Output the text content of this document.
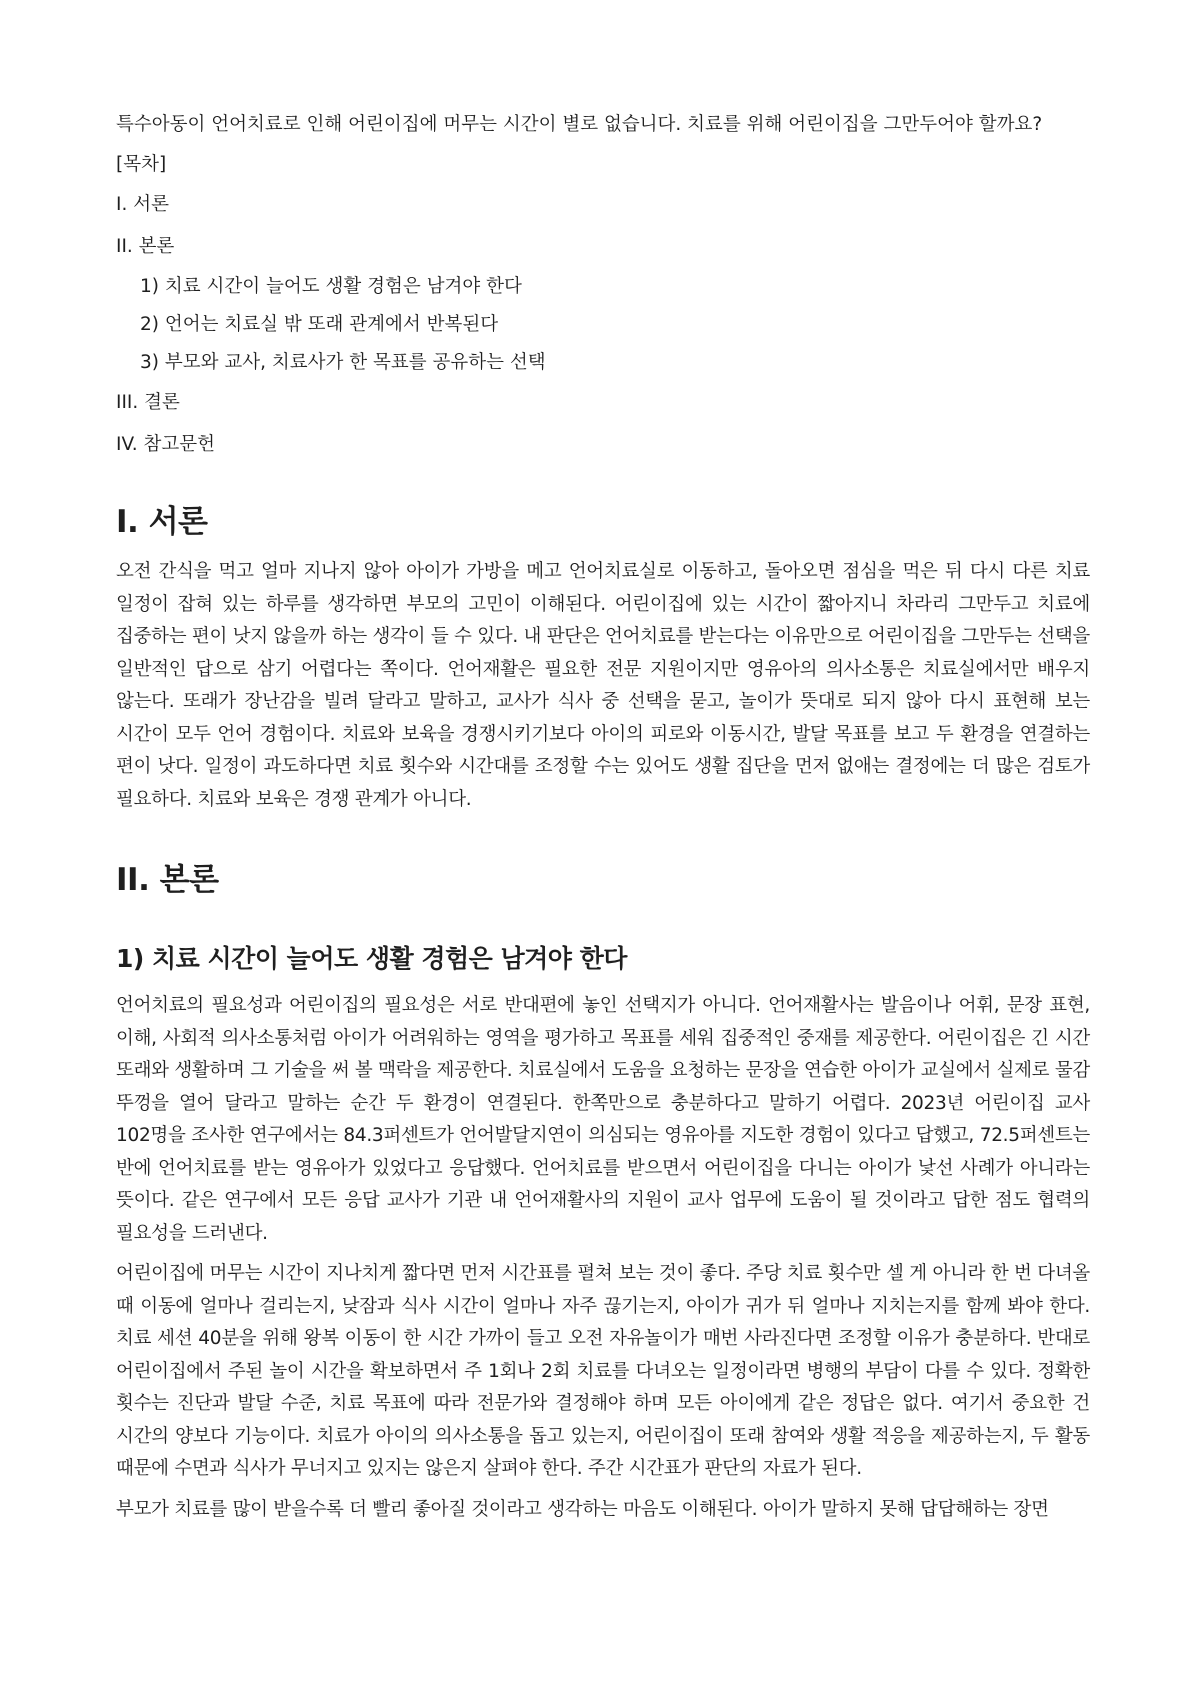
특수아동이 언어치료로 인해 어린이집에 머무는 시간이 별로 없습니다. 치료를 위해 어린이집을 그만두어야 할까요?

[목차]
I. 서론
II. 본론
1) 치료 시간이 늘어도 생활 경험은 남겨야 한다
2) 언어는 치료실 밖 또래 관계에서 반복된다
3) 부모와 교사, 치료사가 한 목표를 공유하는 선택
III. 결론
IV. 참고문헌
I. 서론

오전 간식을 먹고 얼마 지나지 않아 아이가 가방을 메고 언어치료실로 이동하고, 돌아오면 점심을 먹은 뒤 다시 다른 치료 일정이 잡혀 있는 하루를 생각하면 부모의 고민이 이해된다. 어린이집에 있는 시간이 짧아지니 차라리 그만두고 치료에 집중하는 편이 낫지 않을까 하는 생각이 들 수 있다. 내 판단은 언어치료를 받는다는 이유만으로 어린이집을 그만두는 선택을 일반적인 답으로 삼기 어렵다는 쪽이다. 언어재활은 필요한 전문 지원이지만 영유아의 의사소통은 치료실에서만 배우지 않는다. 또래가 장난감을 빌려 달라고 말하고, 교사가 식사 중 선택을 묻고, 놀이가 뜻대로 되지 않아 다시 표현해 보는 시간이 모두 언어 경험이다. 치료와 보육을 경쟁시키기보다 아이의 피로와 이동시간, 발달 목표를 보고 두 환경을 연결하는 편이 낫다. 일정이 과도하다면 치료 횟수와 시간대를 조정할 수는 있어도 생활 집단을 먼저 없애는 결정에는 더 많은 검토가 필요하다. 치료와 보육은 경쟁 관계가 아니다.

II. 본론
1) 치료 시간이 늘어도 생활 경험은 남겨야 한다

언어치료의 필요성과 어린이집의 필요성은 서로 반대편에 놓인 선택지가 아니다. 언어재활사는 발음이나 어휘, 문장 표현, 이해, 사회적 의사소통처럼 아이가 어려워하는 영역을 평가하고 목표를 세워 집중적인 중재를 제공한다. 어린이집은 긴 시간 또래와 생활하며 그 기술을 써 볼 맥락을 제공한다. 치료실에서 도움을 요청하는 문장을 연습한 아이가 교실에서 실제로 물감 뚜껑을 열어 달라고 말하는 순간 두 환경이 연결된다. 한쪽만으로 충분하다고 말하기 어렵다. 2023년 어린이집 교사 102명을 조사한 연구에서는 84.3퍼센트가 언어발달지연이 의심되는 영유아를 지도한 경험이 있다고 답했고, 72.5퍼센트는 반에 언어치료를 받는 영유아가 있었다고 응답했다. 언어치료를 받으면서 어린이집을 다니는 아이가 낯선 사례가 아니라는 뜻이다. 같은 연구에서 모든 응답 교사가 기관 내 언어재활사의 지원이 교사 업무에 도움이 될 것이라고 답한 점도 협력의 필요성을 드러낸다.

어린이집에 머무는 시간이 지나치게 짧다면 먼저 시간표를 펼쳐 보는 것이 좋다. 주당 치료 횟수만 셀 게 아니라 한 번 다녀올 때 이동에 얼마나 걸리는지, 낮잠과 식사 시간이 얼마나 자주 끊기는지, 아이가 귀가 뒤 얼마나 지치는지를 함께 봐야 한다. 치료 세션 40분을 위해 왕복 이동이 한 시간 가까이 들고 오전 자유놀이가 매번 사라진다면 조정할 이유가 충분하다. 반대로 어린이집에서 주된 놀이 시간을 확보하면서 주 1회나 2회 치료를 다녀오는 일정이라면 병행의 부담이 다를 수 있다. 정확한 횟수는 진단과 발달 수준, 치료 목표에 따라 전문가와 결정해야 하며 모든 아이에게 같은 정답은 없다. 여기서 중요한 건 시간의 양보다 기능이다. 치료가 아이의 의사소통을 돕고 있는지, 어린이집이 또래 참여와 생활 적응을 제공하는지, 두 활동 때문에 수면과 식사가 무너지고 있지는 않은지 살펴야 한다. 주간 시간표가 판단의 자료가 된다.

부모가 치료를 많이 받을수록 더 빨리 좋아질 것이라고 생각하는 마음도 이해된다. 아이가 말하지 못해 답답해하는 장면
